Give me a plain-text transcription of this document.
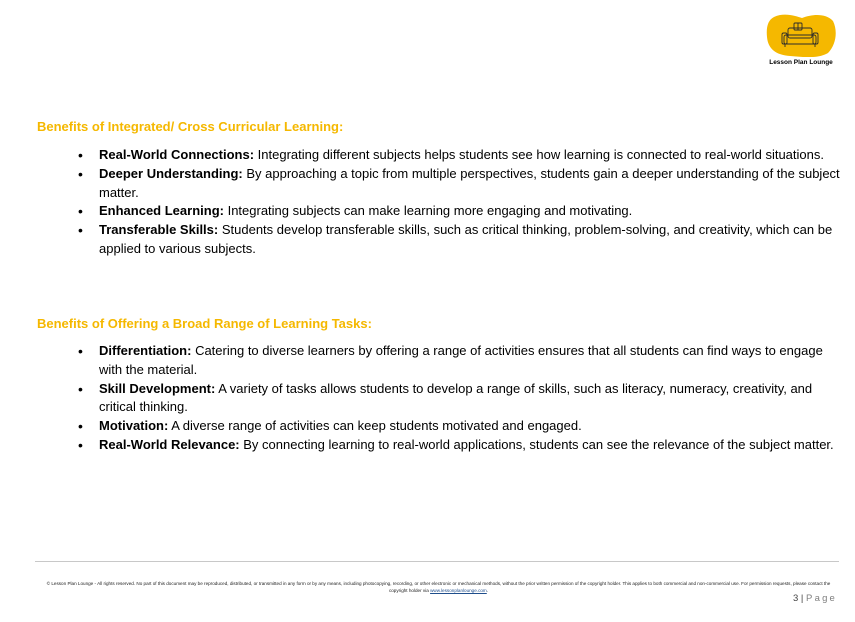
Lesson Plan Lounge
Benefits of Integrated/ Cross Curricular Learning:
• Real-World Connections: Integrating different subjects helps students see how learning is connected to real-world situations.
• Deeper Understanding: By approaching a topic from multiple perspectives, students gain a deeper understanding of the subject matter.
• Enhanced Learning: Integrating subjects can make learning more engaging and motivating.
• Transferable Skills: Students develop transferable skills, such as critical thinking, problem-solving, and creativity, which can be applied to various subjects.
Benefits of Offering a Broad Range of Learning Tasks:
• Differentiation: Catering to diverse learners by offering a range of activities ensures that all students can find ways to engage with the material.
• Skill Development: A variety of tasks allows students to develop a range of skills, such as literacy, numeracy, creativity, and critical thinking.
• Motivation: A diverse range of activities can keep students motivated and engaged.
• Real-World Relevance: By connecting learning to real-world applications, students can see the relevance of the subject matter.
© Lesson Plan Lounge - All rights reserved. No part of this document may be reproduced, distributed, or transmitted in any form or by any means, including photocopying, recording, or other electronic or mechanical methods, without the prior written permission of the copyright holder. This applies to both commercial and non-commercial use. For permission requests, please contact the copyright holder via www.lessonplanlounge.com.
3 | Page
